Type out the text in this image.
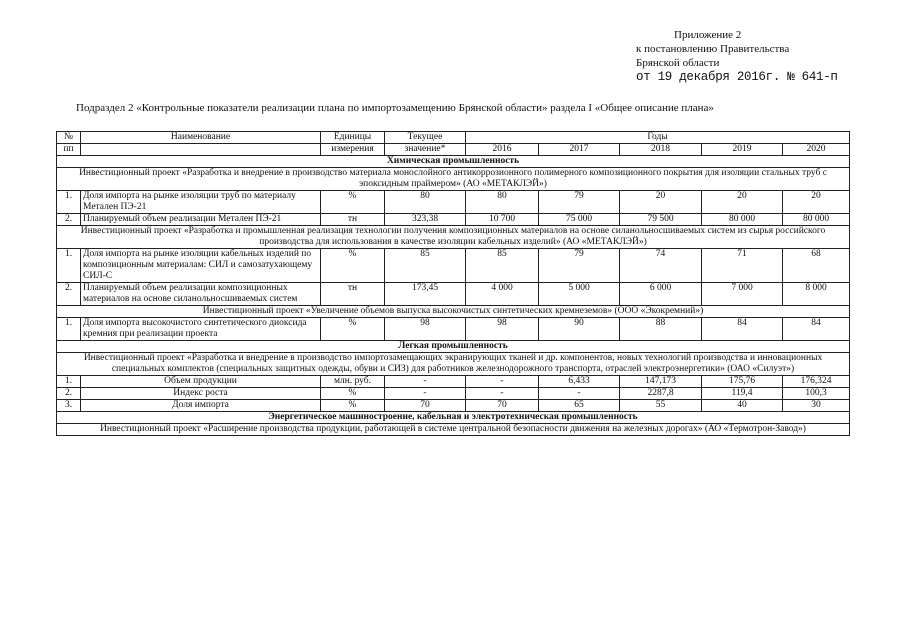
Приложение 2
к постановлению Правительства
Брянской области
от 19 декабря 2016г. № 641-п
Подраздел 2 «Контрольные показатели реализации плана по импортозамещению Брянской области» раздела I «Общее описание плана»
№	Наименование	Единицы	Текущее	Годы				
пп		измерения	значение*	2016	2017	2018	2019	2020
Химическая промышленность								
Инвестиционный проект «Разработка и внедрение в производство материала монослойного антикоррозионного полимерного композиционного покрытия для изоляции стальных труб с эпоксидным праймером» (АО «МЕТАКЛЭЙ»)								
1.	Доля импорта на рынке изоляции труб по материалу Метален ПЭ-21	%	80	80	79	20	20	20
2.	Планируемый объем реализации Метален ПЭ-21	тн	323,38	10 700	75 000	79 500	80 000	80 000
Инвестиционный проект «Разработка и промышленная реализация технологии получения композиционных материалов на основе силанольносшиваемых систем из сырья российского производства для использования в качестве изоляции кабельных изделий» (АО «МЕТАКЛЭЙ»)								
1.	Доля импорта на рынке изоляции кабельных изделий по композиционным материалам: СИЛ и самозатухающему СИЛ-С	%	85	85	79	74	71	68
2.	Планируемый объем реализации композиционных материалов на основе силанольносшиваемых систем	тн	173,45	4 000	5 000	6 000	7 000	8 000
Инвестиционный проект «Увеличение объемов выпуска высокочистых синтетических кремнеземов» (ООО «Экокремний»)								
1.	Доля импорта высокочистого синтетического диоксида кремния при реализации проекта	%	98	98	90	88	84	84
Легкая промышленность								
Инвестиционный проект «Разработка и внедрение в производство импортозамещающих экранирующих тканей и др. компонентов, новых технологий производства и инновационных специальных комплектов (специальных защитных одежды, обуви и СИЗ) для работников железнодорожного транспорта, отраслей электроэнергетики» (ОАО «Силуэт»)								
1.	Объем продукции	млн. руб.	-	-	6,433	147,173	175,76	176,324
2.	Индекс роста	%	-	-	-	2287,8	119,4	100,3
3.	Доля импорта	%	70	70	65	55	40	30
Энергетическое машиностроение, кабельная и электротехническая промышленность								
Инвестиционный проект «Расширение производства продукции, работающей в системе центральной безопасности движения на железных дорогах» (АО «Термотрон-Завод»)								
